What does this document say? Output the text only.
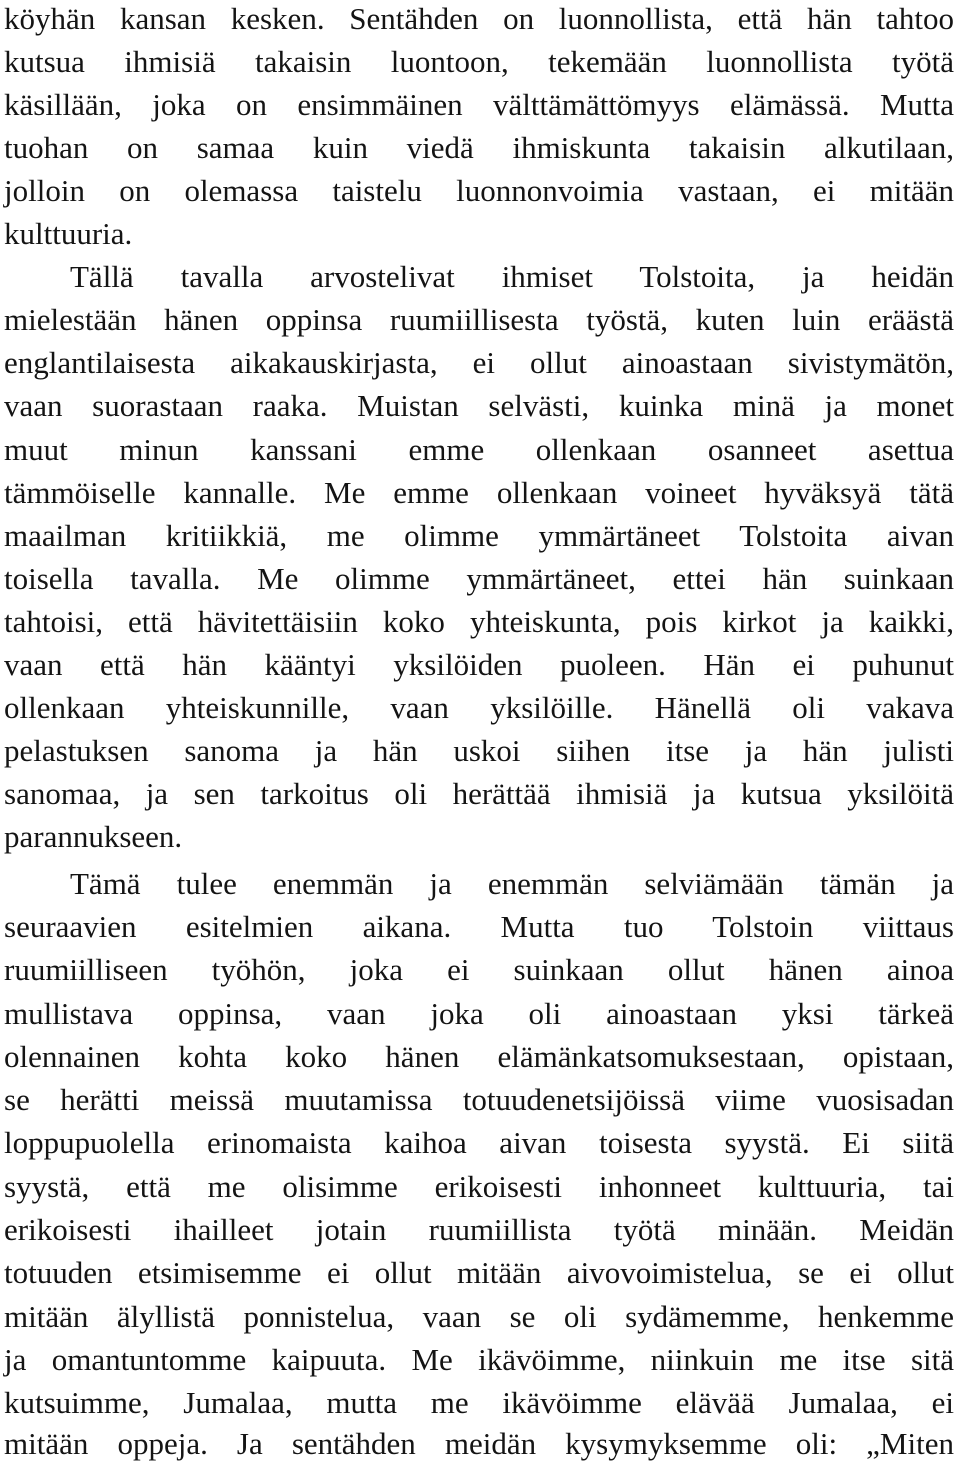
köyhän kansan kesken. Sentähden on luonnollista, että hän tahtoo
kutsua ihmisiä takaisin luontoon, tekemään luonnollista työtä
käsillään, joka on ensimmäinen välttämättömyys elämässä. Mutta
tuohan on samaa kuin viedä ihmiskunta takaisin alkutilaan,
jolloin on olemassa taistelu luonnonvoimia vastaan, ei mitään
kulttuuria.
Tällä tavalla arvostelivat ihmiset Tolstoita, ja heidän
mielestään hänen oppinsa ruumiillisesta työstä, kuten luin eräästä
englantilaisesta aikakauskirjasta, ei ollut ainoastaan sivistymätön,
vaan suorastaan raaka. Muistan selvästi, kuinka minä ja monet
muut minun kanssani emme ollenkaan osanneet asettua
tämmöiselle kannalle. Me emme ollenkaan voineet hyväksyä tätä
maailman kritiikkiä, me olimme ymmärtäneet Tolstoita aivan
toisella tavalla. Me olimme ymmärtäneet, ettei hän suinkaan
tahtoisi, että hävitettäisiin koko yhteiskunta, pois kirkot ja kaikki,
vaan että hän kääntyi yksilöiden puoleen. Hän ei puhunut
ollenkaan yhteiskunnille, vaan yksilöille. Hänellä oli vakava
pelastuksen sanoma ja hän uskoi siihen itse ja hän julisti
sanomaa, ja sen tarkoitus oli herättää ihmisiä ja kutsua yksilöitä
parannukseen.
Tämä tulee enemmän ja enemmän selviämään tämän ja
seuraavien esitelmien aikana. Mutta tuo Tolstoin viittaus
ruumiilliseen työhön, joka ei suinkaan ollut hänen ainoa
mullistava oppinsa, vaan joka oli ainoastaan yksi tärkeä
olennainen kohta koko hänen elämänkatsomuksestaan, opistaan,
se herätti meissä muutamissa totuudenetsijöissä viime vuosisadan
loppupuolella erinomaista kaihoa aivan toisesta syystä. Ei siitä
syystä, että me olisimme erikoisesti inhonneet kulttuuria, tai
erikoisesti ihailleet jotain ruumiillista työtä minään. Meidän
totuuden etsimisemme ei ollut mitään aivovoimistelua, se ei ollut
mitään älyllistä ponnistelua, vaan se oli sydämemme, henkemme
ja omantuntomme kaipuuta. Me ikävöimme, niinkuin me itse sitä
kutsuimme, Jumalaa, mutta me ikävöimme elävää Jumalaa, ei
mitään oppeja. Ja sentähden meidän kysymyksemme oli: „Miten
